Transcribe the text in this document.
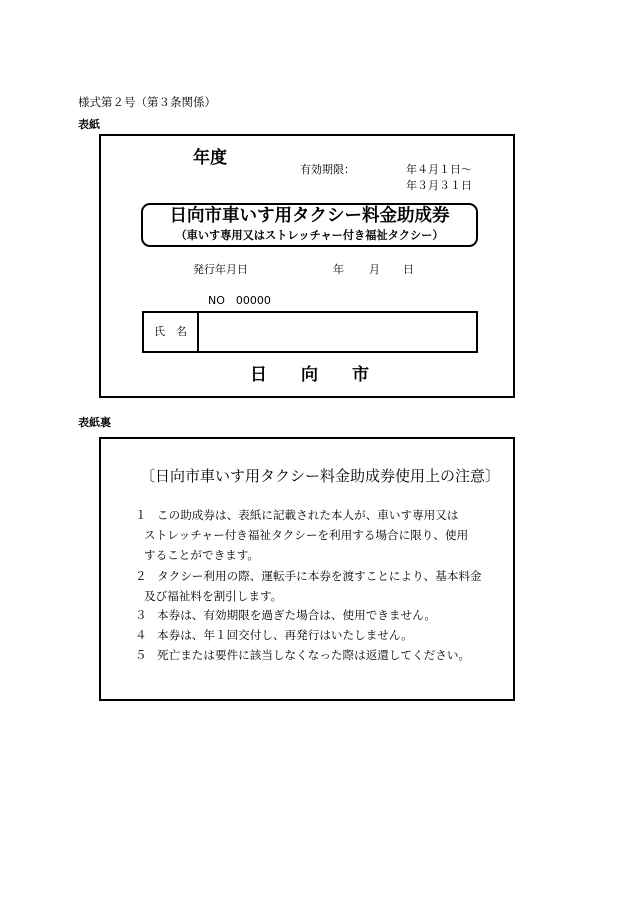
様式第２号（第３条関係）
表紙
年度
有効期限：	年４月１日～
年３月３１日
日向市車いす用タクシー料金助成券
（車いす専用又はストレッチャー付き福祉タクシー）
発行年月日	年 月 日
NO　00000
氏　名
日　　向　　市
表紙裏
〔日向市車いす用タクシー料金助成券使用上の注意〕
１ この助成券は、表紙に記載された本人が、車いす専用又は
ストレッチャー付き福祉タクシーを利用する場合に限り、使用
することができます。
２ タクシー利用の際、運転手に本券を渡すことにより、基本料金
及び福祉料を割引します。
３ 本券は、有効期限を過ぎた場合は、使用できません。
４ 本券は、年１回交付し、再発行はいたしません。
５ 死亡または要件に該当しなくなった際は返還してください。
